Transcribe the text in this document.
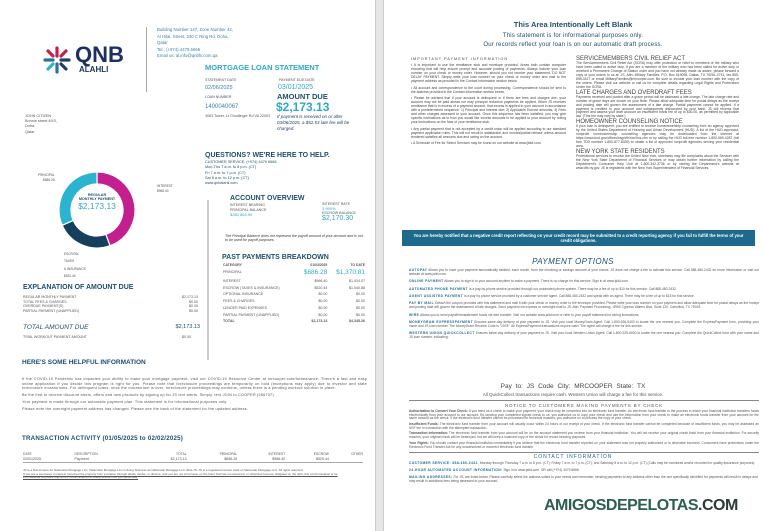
QNB
ALAHLI
Building Number 147, Zone Number 42,
Al Hilal, Street, 230 C Ring Rd. Doha,
Qatar
Tel.: (+974) 4479 6666
Email us: al.info@qnbfs.com.qa
MORTGAGE LOAN STATEMENT
STATEMENT DATE
02/06/2025
PAYMENT DUE DATE
03/01/2025
LOAN NUMBER
1400040067
4063 Tower, Lt Chudlinger Rd VA 22003
AMOUNT DUE
$2,173.13
If payment is received on or after 03/06/2025, a $52.53 late fee will be charged.
JOHN CITIZEN
Bonnie street 49/3,
Doha,
Qatar
QUESTIONS? WE'RE HERE TO HELP.
CUSTOMER SERVICE: (+974) 4479 6666
Mon-Thu 7 a.m. to 8 p.m. (CT)
Fri 7 a.m. to 7 p.m. (CT)
Sat 8 a.m. to 12 p.m. (CT)
www.qnbalahli.com
REGULAR
MONTHLY PAYMENT
$2,173.13
PRINCIPAL
$686.28
INTEREST
$966.40
ESCROW
TAXES
& INSURANCE
$520.44
ACCOUNT OVERVIEW
INTEREST BEARING
PRINCIPAL BALANCE
$350,864.90
INTEREST RATE
3.990%
ESCROW BALANCE
$2,170.30
The Principal Balance does not represent the payoff amount of your account and is not to be used for payoff purposes.
PAST PAYMENTS BREAKDOWN
CATEGORY	01/03/2025	TO DATE
PRINCIPAL	$686.28	$1,370.81
INTEREST	$966.40	$1,934.07
ESCROW (TAXES & INSURANCE)	$520.44	$1,040.88
OPTIONAL INSURANCE	$0.00	$0.00
FEES & CHARGES	$0.00	$0.00
LENDER PAID EXPENSES	$0.00	$0.00
PARTIAL PAYMENT (UNAPPLIED)	$0.00	$0.00
TOTAL	$2,173.13	$4,345.26
EXPLANATION OF AMOUNT DUE
REGULAR MONTHLY PAYMENT	$2,173.13
TOTAL FEES & CHARGES	$0.00
OVERDUE PAYMENT(S)	$0.00
PARTIAL PAYMENT (UNAPPLIED)	$0.00
TOTAL AMOUNT DUE	$2,173.13
TRIAL WORKOUT PAYMENT AMOUNT	$0.00
HERE'S SOME HELPFUL INFORMATION

If the COVID-19 Pandemic has impacted your ability to make your mortgage payment, visit our COVID-19 Resource Center at mrcooper.com/forbearance. There's a fast and easy online application if you decide this program is right for you. Please note that foreclosure proceedings are temporarily on hold (exceptions may apply) due to investor and state foreclosure moratoriums. For delinquent loans, once the moratorium is over, foreclosure proceedings may continue, unless there is a pending workout solution in place.

Be the first to receive discount alerts, offers and new products by signing up for JS text alerts. Simply, text JOIN to COOPER (266737)

Your payment is made through our automatic payment plan. This statement is for informational purposes only.

Please note the overnight payment address has changed. Please see the back of the statement for the updated address.

TRANSACTION ACTIVITY (01/05/2025 to 02/02/2025)
DATE	DESCRIPTION	TOTAL	PRINCIPAL	INTEREST	ESCROW	OTHER
02/01/2025	Payment	$2,173.13	$686.28	$966.40	$520.44	

JS is a brand name for Nationstar Mortgage LLC. Nationstar Mortgage LLC is doing business as Nationstar Mortgage LLC d/b/a JS. JS is a registered service mark of Nationstar Mortgage LLC. All rights reserved.

If you are a successor in interest (received the property from a relative through death, devise, or divorce, and you are not a borrower on the loan) that has not assumed, or otherwise become obligated on the debt, this communication is for informational purposes only and is not an attempt to collect a debt from you personally.

This Area Intentionally Left Blank
This statement is for informational purposes only.
Our records reflect your loan is on our automatic draft process.
IMPORTANT PAYMENT INFORMATION

• It is important to use the remittance stub and envelope provided. Areas both contain computer encoding that will help ensure prompt and accurate posting of payments. Always include your loan number on your check or money order. However, should you not receive your statement, DO NOT DELAY PAYMENT. Simply write your loan number on your check or money order and mail to the payment address as provided in the Contact Information section below.

• All account and correspondence to the court during processing. Correspondence should be sent to the address provided in the Contact Information section below.

• Please be advised that if your account is delinquent or if there are fees and charges due, your account may not be paid ahead nor may principal reduction payments be applied. When JS receives remittance that is in excess of a payment amount, that excess is applied to your account in accordance with a predetermined sequence. 1) Principal and Interest due; 2) Applicable Escrow amounts; 3) Fees and other charges assessed to your account. Once this sequence has been satisfied, you may give specific instructions as to how you would like excess amounts to be applied to your account by noting your instructions on the face of your remittance stub.

• Any partial payment that is not accepted by a credit union will be applied according to our standard payment application rules. This will not result in satisfaction and monies/partial release unless amount tendered satisfies all amounts due and owing on the account.

• A Schedule of Fee for Select Services may be found on our website at www.jsltd.com.

SERVICEMEMBERS CIVIL RELIEF ACT

The Servicemembers Civil Relief Act (SCRA) may offer protection or relief to members of the military who have been called to active duty. If you are a member of the military who has been called for active duty or received a Permanent Change of Station order and you have not already made us aware, please forward a copy of your orders to us at: JS, Attn: Military Families, P.O. Box 619098, Dallas, TX 75261-0741, fax 855-895-0427 or email MilitaryFamilies@mrcooper.com. Be sure to include your loan number with the copy of the orders. Please visit our website or call us for complete details regarding Legal Rights and Protections Under the SCRA.

LATE CHARGES AND OVERDRAFT FEES

Payments received and posted after a grace period will be assessed a late charge. The late charge rate and number of grace days are shown on your Note. Please allow adequate time for postal delays as the receipt and posting date will govern the assessment of a late charge. Partial payments cannot be applied. If a payment is credited to your account and subsequently dishonored by your bank, JS will reverse that payment and assess your draft account an insufficient funds fee of up to $30.00, as permitted by applicable law. (This fee may vary by state.)

HOMEOWNER COUNSELING NOTICE

If your loan is delinquent, you are entitled to receive homeownership counseling from an agency approved by the United States Department of Housing and Urban Development (HUD). A list of the HUD-approved, nonprofit homeownership counseling agencies may be downloaded from the Internet at https://www.hud.gov/offices/hsg/sfh/hcc/hcs.cfm or by calling the HUD toll-free number 1-800-569-4287 (toll free TDD number 1-800-877-8339) to obtain a list of approved nonprofit agencies serving your residential area.

NEW YORK STATE RESIDENTS

Professional services to resolve the United New York, shortness may file complaints about the Servicer with the New York State Department of Financial Services or may obtain further information by calling the Department's Consumer Help Unit at 1-800-342-3736 or by visiting the Department's website at www.dfs.ny.gov. JS is registered with the New York Superintendent of Financial Services.

You are hereby notified that a negative credit report reflecting on your credit record may be submitted to a credit reporting agency if you fail to fulfill the terms of your credit obligations.
PAYMENT OPTIONS

AUTOPAY Allows you to have your payment automatically debited, each month, from the checking or savings account of your choice. JS does not charge a fee to activate this service. Call 888-480-2432 for more information or visit our website at www.jsltd.com.

ONLINE PAYMENT Allows you to sign in to your account anytime to make a payment. There is no charge for this service. Sign in at www.jsltd.com.

AUTOMATED PHONE PAYMENT Is a pay-by-phone service provided through our automated phone system. There may be a fee of up to $10 for this service. Call 888-480-2432.

AGENT ASSISTED PAYMENT Is a pay by phone service provided by a customer service agent. Call 888-480-2432 and speak with an agent. There may be a fee of up to $15 for this service.

PAY BY MAIL Detach the coupon provided with this statement and mail it with your check or money order to the envelope provided. Please write your loan number on your payment and allow adequate time for postal delays as the receipt and posting date will govern the assessment of late charges. Send payment via express or overnight mail to JS, Attn: Payment Processing - 8950 Cypress Waters Blvd, Suite 120, Carrollton, TX 75019.

WIRE Allows you to send payoff/reinstatement funds via wire transfer. Visit our website www.jsltd.com or refer to your payoff statement for wiring instructions.

MONEYGRAM EXPRESSPAYMENT Ensures same-day delivery of your payment to JS. Visit your local MoneyGram Agent. Call 1-800-926-9400 to locate the one nearest you. Complete the ExpressPayment form, providing your name and JS loan number. The MoneyGram Receive Code is "1578". All ExpressPayment transactions require cash. The agent will charge a fee for this service.

WESTERN UNION QUICKCOLLECT Ensures same-day delivery of your payment to JS. Visit your local Western Union Agent. Call 1-800-325-6000 to locate the one nearest you. Complete the QuickCollect form with your name and JS loan number, indicating:

Pay to: JS Code City: MRCOOPER State: TX
All QuickCollect transactions require cash. Western Union will charge a fee for this service.
NOTICE TO CUSTOMERS MAKING PAYMENTS BY CHECK

Authorization to Convert Your Check: If you send us a check to make your payment, your check may be converted into an electronic fund transfer. An electronic fund transfer is the process in which your financial institution transfers funds electronically from your account to our account. By sending your completed signed check to us, you authorize us to copy your check and use the information from your check to make an electronic funds transfer from your account for the same amount as the check. If the electronic fund transfer cannot be processed for technical reasons, you authorize us to process the copy of your check.

Insufficient Funds: The electronic fund transfer from your account will usually occur within 24 hours of our receipt of your check. If the electronic fund transfer cannot be completed because of insufficient funds, you may be assessed an NSF fee in connection with the attempted transaction.

Transaction Information: The electronic fund transfer from your account will be on the account statement you receive from your financial institution. You will not receive your original check back from your financial institution. For security reasons, your original check will be destroyed, but we will keep a scanned copy of the check for record keeping purposes.

Your Rights: You should contact your financial institution immediately if you believe that the electronic fund transfer reported on your statement was not properly authorized or is otherwise incorrect. Consumers have protections under the Electronic Fund Transfer Act for any unauthorized or incorrect electronic fund transfer.

CONTACT INFORMATION

CUSTOMER SERVICE: 888-480-2432, Monday through Thursday 7 a.m. to 8 p.m. (CT); Friday 7 a.m. to 7 p.m. (CT); and Saturday 8 a.m. to 12 p.m. (CT) (Calls may be monitored and/or recorded for quality assurance purposes).

24-HOUR AUTOMATED ACCOUNT INFORMATION: Sign in to www.jsltd.com. OR call (+974) 4479 6666.

MAILING ADDRESSES: For JS, are listed below. Please carefully select the address suited to your needs and remember, sending payments to any address other than the one specifically identified for payments will result in delays and may result in additional fees being assessed to your account.

AMIGOSDEPELOTAS.COM
